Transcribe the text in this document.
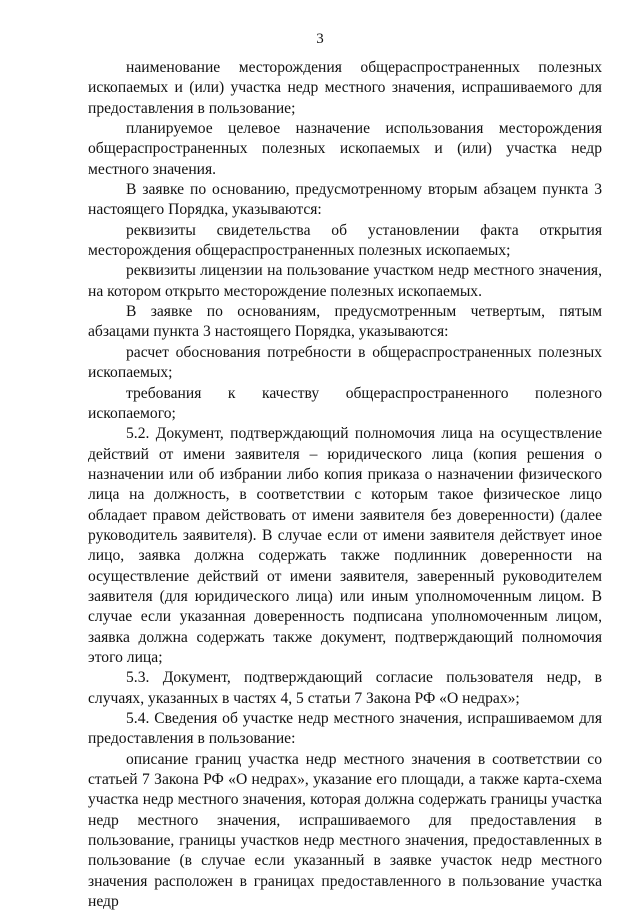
3

наименование месторождения общераспространенных полезных ископаемых и (или) участка недр местного значения, испрашиваемого для предоставления в пользование;

планируемое целевое назначение использования месторождения общераспространенных полезных ископаемых и (или) участка недр местного значения.

В заявке по основанию, предусмотренному вторым абзацем пункта 3 настоящего Порядка, указываются:

реквизиты свидетельства об установлении факта открытия месторождения общераспространенных полезных ископаемых;

реквизиты лицензии на пользование участком недр местного значения, на котором открыто месторождение полезных ископаемых.

В заявке по основаниям, предусмотренным четвертым, пятым абзацами пункта 3 настоящего Порядка, указываются:

расчет обоснования потребности в общераспространенных полезных ископаемых;

требования к качеству общераспространенного полезного ископаемого;

5.2. Документ, подтверждающий полномочия лица на осуществление действий от имени заявителя – юридического лица (копия решения о назначении или об избрании либо копия приказа о назначении физического лица на должность, в соответствии с которым такое физическое лицо обладает правом действовать от имени заявителя без доверенности) (далее руководитель заявителя). В случае если от имени заявителя действует иное лицо, заявка должна содержать также подлинник доверенности на осуществление действий от имени заявителя, заверенный руководителем заявителя (для юридического лица) или иным уполномоченным лицом. В случае если указанная доверенность подписана уполномоченным лицом, заявка должна содержать также документ, подтверждающий полномочия этого лица;

5.3. Документ, подтверждающий согласие пользователя недр, в случаях, указанных в частях 4, 5 статьи 7 Закона РФ «О недрах»;

5.4. Сведения об участке недр местного значения, испрашиваемом для предоставления в пользование:

описание границ участка недр местного значения в соответствии со статьей 7 Закона РФ «О недрах», указание его площади, а также карта-схема участка недр местного значения, которая должна содержать границы участка недр местного значения, испрашиваемого для предоставления в пользование, границы участков недр местного значения, предоставленных в пользование (в случае если указанный в заявке участок недр местного значения расположен в границах предоставленного в пользование участка недр
